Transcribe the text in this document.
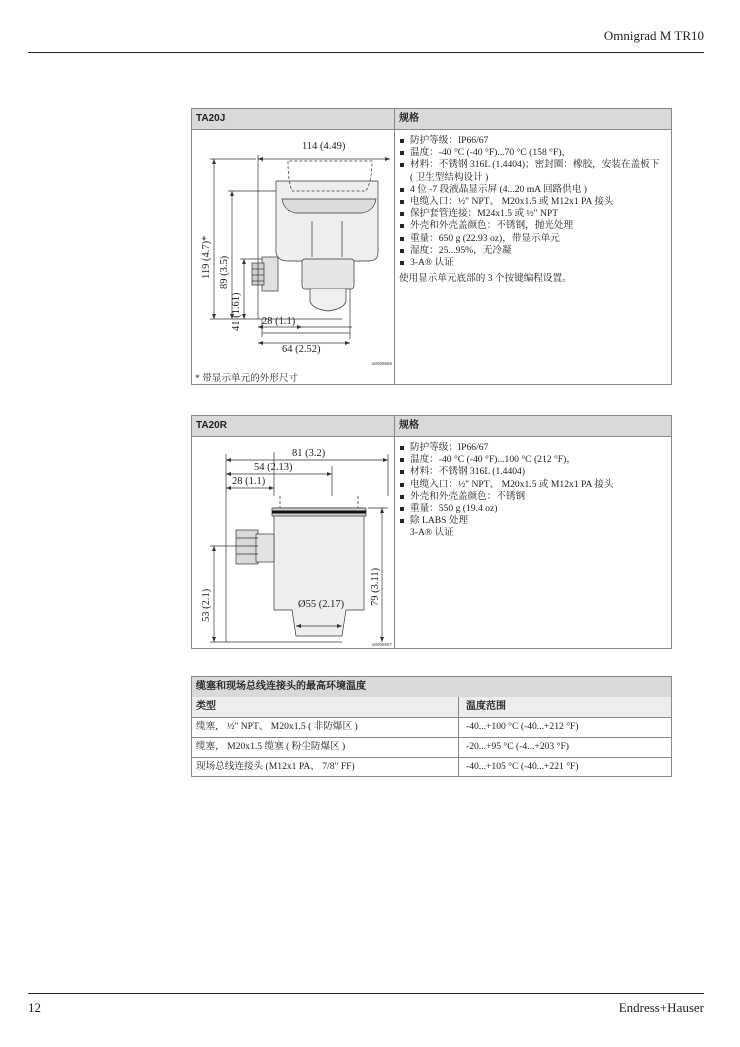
Omnigrad M TR10
TA20J	规格
114 (4.49)
119 (4.7)* 89 (3.5)
41 (1.61) 28 (1.1)
64 (2.52)
a0008666
* 带显示单元的外形尺寸
防护等级：IP66/67
温度：-40 °C (-40 °F)...70 °C (158 °F)，
材料：不锈钢 316L (1.4404)；密封圈：橡胶，安装在盖板下 ( 卫生型结构设计 )
4 位 -7 段液晶显示屏 (4...20 mA 回路供电 )
电缆入口：½" NPT、 M20x1.5 或 M12x1 PA 接头
保护套管连接：M24x1.5 或 ½" NPT
外壳和外壳盖颜色：不锈钢，抛光处理
重量：650 g (22.93 oz)，带显示单元
湿度：25...95%，无冷凝
3-A® 认证
使用显示单元底部的 3 个按键编程设置。
TA20R	规格
81 (3.2)
54 (2.13)
28 (1.1)
53 (2.1)	79 (3.11)
Ø55 (2.17)
a0008667
防护等级：IP66/67
温度：-40 °C (-40 °F)...100 °C (212 °F)，
材料：不锈钢 316L (1.4404)
电缆入口：½" NPT、 M20x1.5 或 M12x1 PA 接头
外壳和外壳盖颜色：不锈钢
重量：550 g (19.4 oz)
除 LABS 处理
3-A® 认证
缆塞和现场总线连接头的最高环境温度
类型	温度范围
缆塞， ½" NPT、 M20x1.5 ( 非防爆区 )	-40...+100 °C (-40...+212 °F)
缆塞， M20x1.5 缆塞 ( 粉尘防爆区 )	-20...+95 °C (-4...+203 °F)
现场总线连接头 (M12x1 PA、 7/8" FF)	-40...+105 °C (-40...+221 °F)
12	Endress+Hauser
